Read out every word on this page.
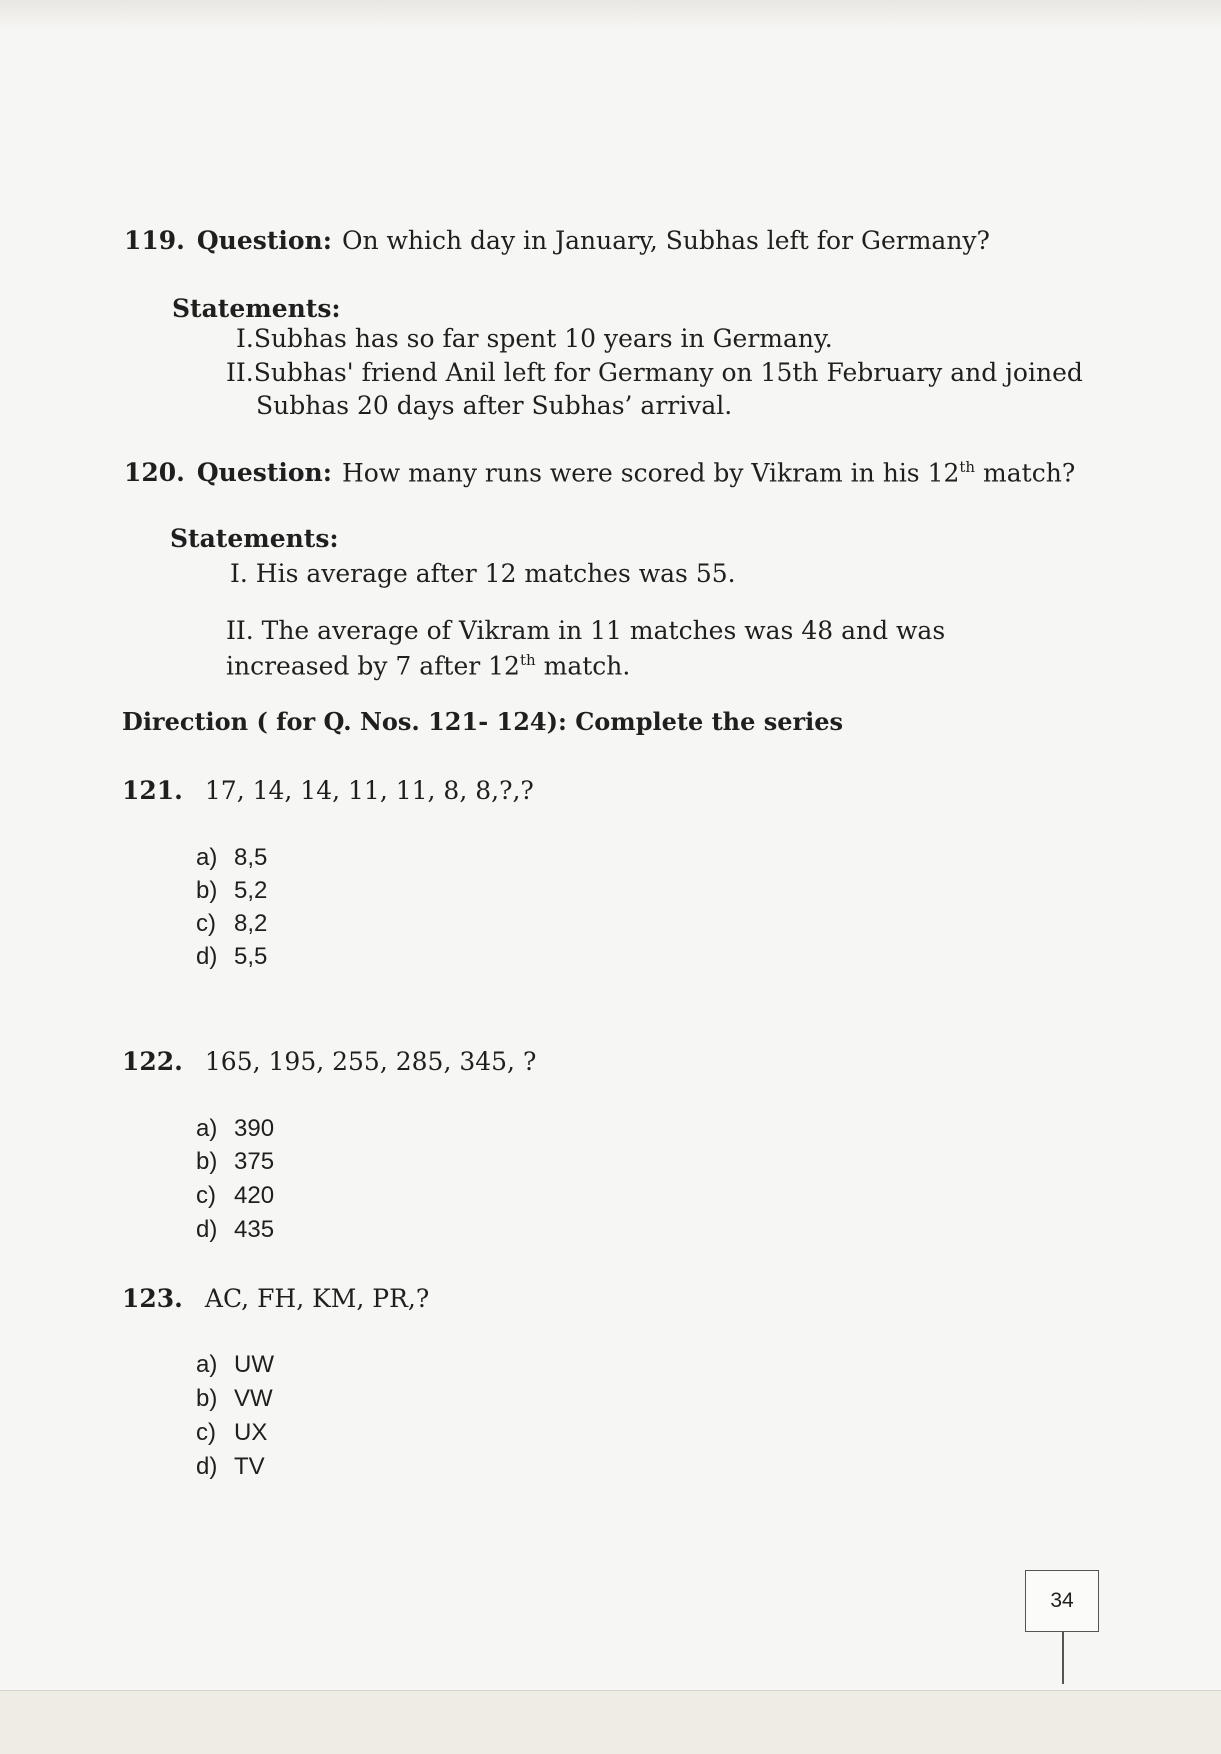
119. Question: On which day in January, Subhas left for Germany?
Statements:
I.Subhas has so far spent 10 years in Germany.
II.Subhas' friend Anil left for Germany on 15th February and joined
Subhas 20 days after Subhas’ arrival.
120. Question: How many runs were scored by Vikram in his 12th match?
Statements:
I. His average after 12 matches was 55.
II. The average of Vikram in 11 matches was 48 and was
increased by 7 after 12th match.
Direction ( for Q. Nos. 121- 124): Complete the series
121. 17, 14, 14, 11, 11, 8, 8,?,?
a) 8,5
b) 5,2
c) 8,2
d) 5,5
122. 165, 195, 255, 285, 345, ?
a) 390
b) 375
c) 420
d) 435
123. AC, FH, KM, PR,?
a) UW
b) VW
c) UX
d) TV
34
